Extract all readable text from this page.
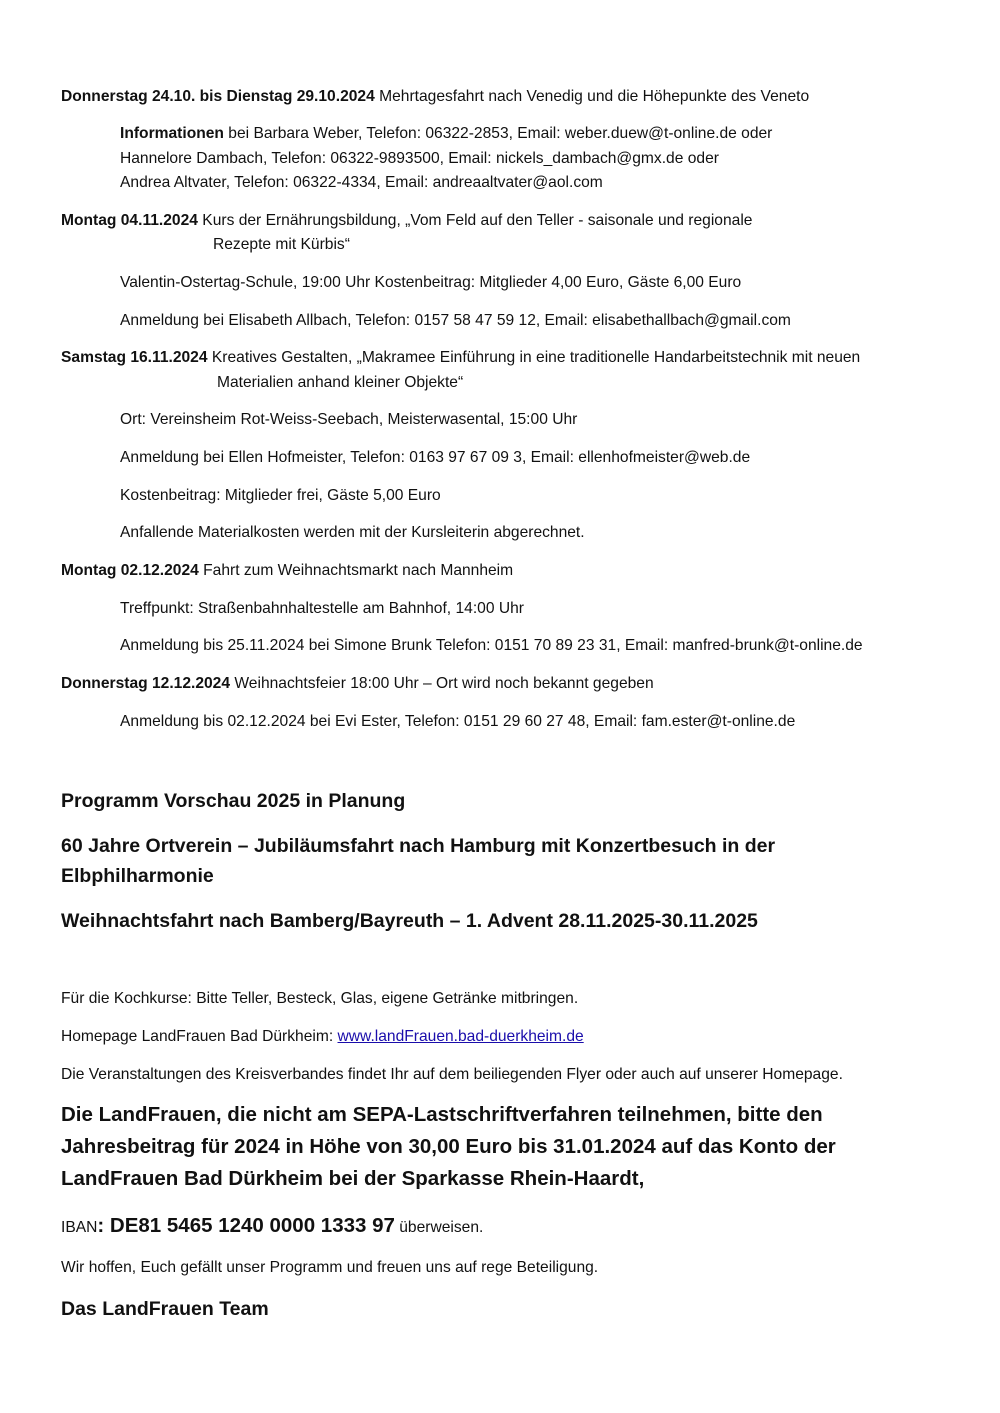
Donnerstag 24.10. bis Dienstag 29.10.2024 Mehrtagesfahrt nach Venedig und die Höhepunkte des Veneto
Informationen bei Barbara Weber, Telefon: 06322-2853, Email: weber.duew@t-online.de oder
Hannelore Dambach, Telefon: 06322-9893500, Email: nickels_dambach@gmx.de oder
Andrea Altvater, Telefon: 06322-4334, Email: andreaaltvater@aol.com
Montag 04.11.2024 Kurs der Ernährungsbildung, „Vom Feld auf den Teller - saisonale und regionale
Rezepte mit Kürbis“
Valentin-Ostertag-Schule, 19:00 Uhr Kostenbeitrag: Mitglieder 4,00 Euro, Gäste 6,00 Euro
Anmeldung bei Elisabeth Allbach, Telefon: 0157 58 47 59 12, Email: elisabethallbach@gmail.com
Samstag 16.11.2024 Kreatives Gestalten, „Makramee Einführung in eine traditionelle Handarbeitstechnik mit neuen
Materialien anhand kleiner Objekte“
Ort: Vereinsheim Rot-Weiss-Seebach, Meisterwasental, 15:00 Uhr
Anmeldung bei Ellen Hofmeister, Telefon: 0163 97 67 09 3, Email: ellenhofmeister@web.de
Kostenbeitrag: Mitglieder frei, Gäste 5,00 Euro
Anfallende Materialkosten werden mit der Kursleiterin abgerechnet.
Montag 02.12.2024 Fahrt zum Weihnachtsmarkt nach Mannheim
Treffpunkt: Straßenbahnhaltestelle am Bahnhof, 14:00 Uhr
Anmeldung bis 25.11.2024 bei Simone Brunk Telefon: 0151 70 89 23 31, Email: manfred-brunk@t-online.de
Donnerstag 12.12.2024 Weihnachtsfeier 18:00 Uhr – Ort wird noch bekannt gegeben
Anmeldung bis 02.12.2024 bei Evi Ester, Telefon: 0151 29 60 27 48, Email: fam.ester@t-online.de
Programm Vorschau 2025 in Planung
60 Jahre Ortverein – Jubiläumsfahrt nach Hamburg mit Konzertbesuch in der
Elbphilharmonie
Weihnachtsfahrt nach Bamberg/Bayreuth – 1. Advent 28.11.2025-30.11.2025
Für die Kochkurse: Bitte Teller, Besteck, Glas, eigene Getränke mitbringen.
Homepage LandFrauen Bad Dürkheim: www.landFrauen.bad-duerkheim.de
Die Veranstaltungen des Kreisverbandes findet Ihr auf dem beiliegenden Flyer oder auch auf unserer Homepage.
Die LandFrauen, die nicht am SEPA-Lastschriftverfahren teilnehmen, bitte den
Jahresbeitrag für 2024 in Höhe von 30,00 Euro bis 31.01.2024 auf das Konto der
LandFrauen Bad Dürkheim bei der Sparkasse Rhein-Haardt,
IBAN: DE81 5465 1240 0000 1333 97 überweisen.
Wir hoffen, Euch gefällt unser Programm und freuen uns auf rege Beteiligung.
Das LandFrauen Team
